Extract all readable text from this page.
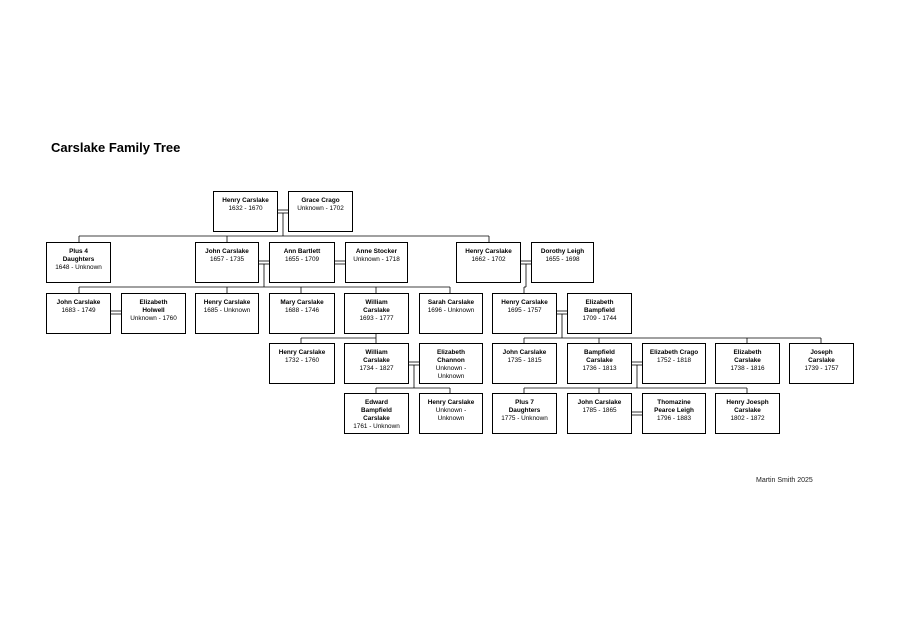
Carslake Family Tree
Henry Carslake
1632 - 1670
Grace Crago
Unknown - 1702
Plus 4 Daughters
1648 - Unknown
John Carslake
1657 - 1735
Ann Bartlett
1655 - 1709
Anne Stocker
Unknown - 1718
Henry Carslake
1662 - 1702
Dorothy Leigh
1655 - 1698
John Carslake
1683 - 1749
Elizabeth Holwell
Unknown - 1760
Henry Carslake
1685 - Unknown
Mary Carslake
1688 - 1746
William Carslake
1693 - 1777
Sarah Carslake
1696 - Unknown
Henry Carslake
1695 - 1757
Elizabeth Bampfield
1709 - 1744
Henry Carslake
1732 - 1760
William Carslake
1734 - 1827
Elizabeth Channon
Unknown - Unknown
John Carslake
1735 - 1815
Bampfield Carslake
1736 - 1813
Elizabeth Crago
1752 - 1818
Elizabeth Carslake
1738 - 1816
Joseph Carslake
1739 - 1757
Edward Bampfield Carslake
1761 - Unknown
Henry Carslake
Unknown - Unknown
Plus 7 Daughters
1775 - Unknown
John Carslake
1785 - 1865
Thomazine Pearce Leigh
1796 - 1883
Henry Joesph Carslake
1802 - 1872
Martin Smith 2025
